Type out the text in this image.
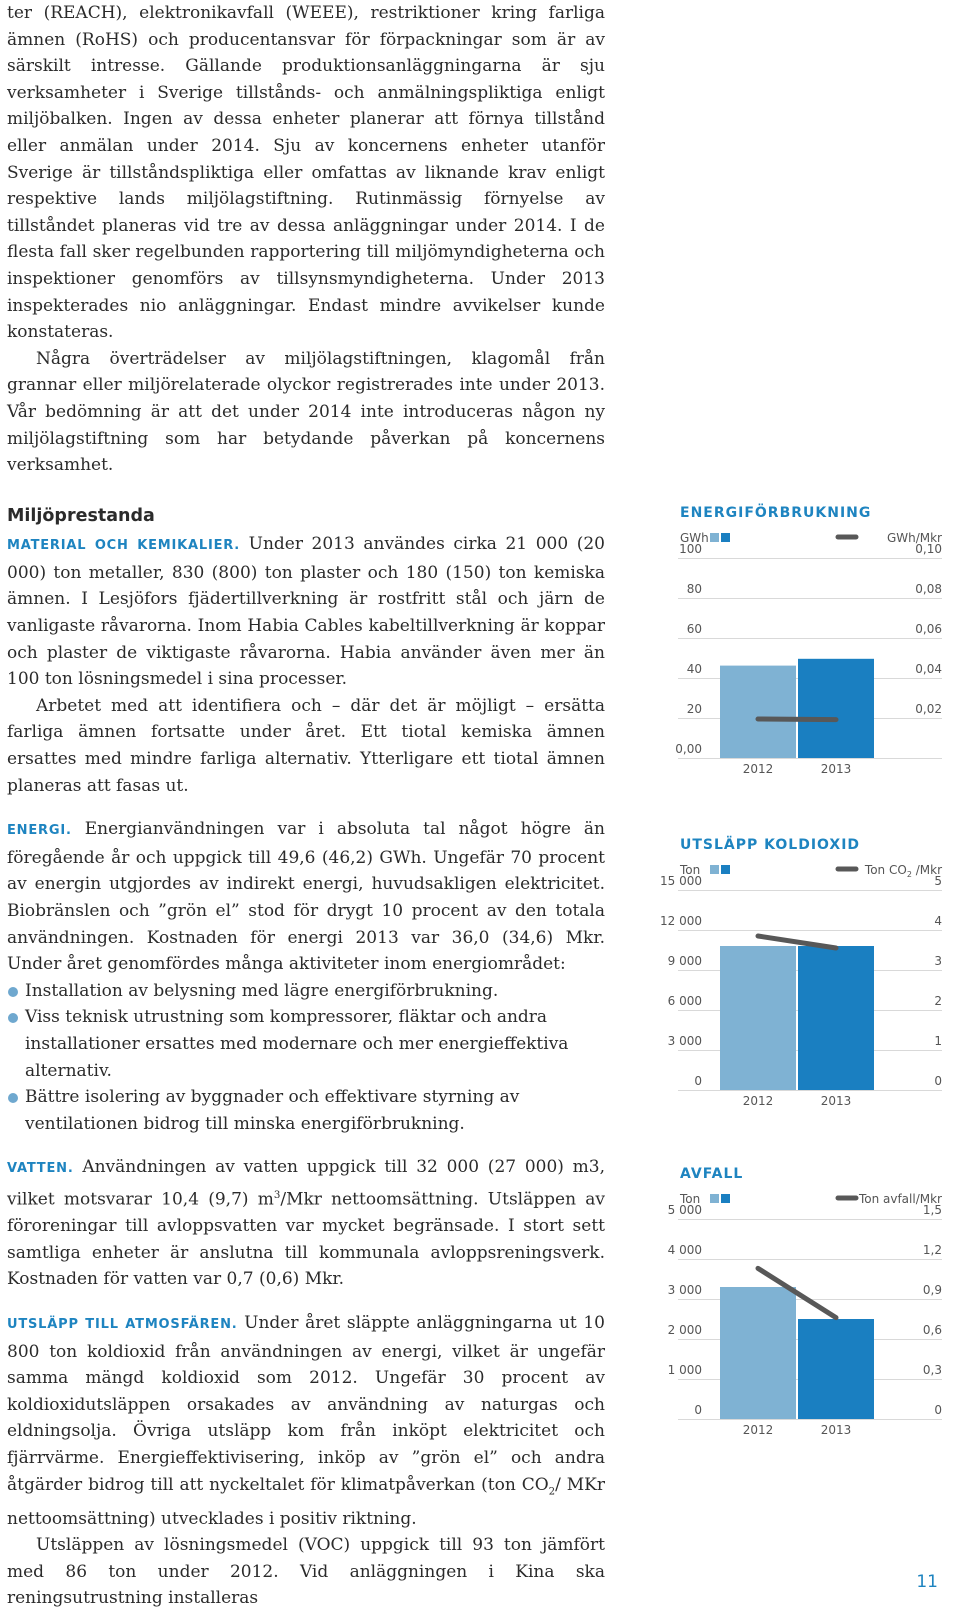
ter (REACH), elektronikavfall (WEEE), restriktioner kring farliga ämnen (RoHS) och producentansvar för förpackningar som är av särskilt intresse. Gällande produktionsanläggningarna är sju verksamheter i Sverige tillstånds- och anmälningspliktiga enligt miljöbalken. Ingen av dessa enheter planerar att förnya tillstånd eller anmälan under 2014. Sju av koncernens enheter utanför Sverige är tillståndspliktiga eller omfattas av liknande krav enligt respektive lands miljölagstiftning. Rutinmässig förnyelse av tillståndet planeras vid tre av dessa anläggningar under 2014. I de flesta fall sker regelbunden rapportering till miljömyndigheterna och inspektioner genomförs av tillsynsmyndigheterna. Under 2013 inspekterades nio anläggningar. Endast mindre avvikelser kunde konstateras.

Några överträdelser av miljölagstiftningen, klagomål från grannar eller miljörelaterade olyckor registrerades inte under 2013. Vår bedömning är att det under 2014 inte introduceras någon ny miljölagstiftning som har betydande påverkan på koncernens verksamhet.

Miljöprestanda

MATERIAL OCH KEMIKALIER. Under 2013 användes cirka 21 000 (20 000) ton metaller, 830 (800) ton plaster och 180 (150) ton kemiska ämnen. I Lesjöfors fjädertillverkning är rostfritt stål och järn de vanligaste råvarorna. Inom Habia Cables kabeltillverkning är koppar och plaster de viktigaste råvarorna. Habia använder även mer än 100 ton lösningsmedel i sina processer.

Arbetet med att identifiera och – där det är möjligt – ersätta farliga ämnen fortsatte under året. Ett tiotal kemiska ämnen ersattes med mindre farliga alternativ. Ytterligare ett tiotal ämnen planeras att fasas ut.

ENERGI. Energianvändningen var i absoluta tal något högre än föregående år och uppgick till 49,6 (46,2) GWh. Ungefär 70 procent av energin utgjordes av indirekt energi, huvudsakligen elektricitet. Biobränslen och ”grön el” stod för drygt 10 procent av den totala användningen. Kostnaden för energi 2013 var 36,0 (34,6) Mkr. Under året genomfördes många aktiviteter inom energiområdet:

Installation av belysning med lägre energiförbrukning.
Viss teknisk utrustning som kompressorer, fläktar och andra installationer ersattes med modernare och mer energieffektiva alternativ.
Bättre isolering av byggnader och effektivare styrning av ventilationen bidrog till minska energiförbrukning.

VATTEN. Användningen av vatten uppgick till 32 000 (27 000) m3, vilket motsvarar 10,4 (9,7) $m^3$/Mkr nettoomsättning. Utsläppen av föroreningar till avloppsvatten var mycket begränsade. I stort sett samtliga enheter är anslutna till kommunala avloppsreningsverk. Kostnaden för vatten var 0,7 (0,6) Mkr.

UTSLÄPP TILL ATMOSFÄREN. Under året släppte anläggningarna ut 10 800 ton koldioxid från användningen av energi, vilket är ungefär samma mängd koldioxid som 2012. Ungefär 30 procent av koldioxidutsläppen orsakades av användning av naturgas och eldningsolja. Övriga utsläpp kom från inköpt elektricitet och fjärrvärme. Energieffektivisering, inköp av ”grön el” och andra åtgärder bidrog till att nyckeltalet för klimatpåverkan (ton $CO_2/$ MKr nettoomsättning) utvecklades i positiv riktning.

Utsläppen av lösningsmedel (VOC) uppgick till 93 ton jämfört med 86 ton under 2012. Vid anläggningen i Kina ska reningsutrustning installeras

ENERGIFÖRBRUKNING
GWh	GWh/Mkr
0,00
20
40
60
80
100
0,02
0,04
0,06
0,08
0,10
2012	2013
UTSLÄPP KOLDIOXID
Ton	Ton $CO_2$ /Mkr
0
3 000
6 000
9 000
12 000
15 000
0
1
2
3
4
5
2012	2013
AVFALL
Ton	Ton avfall/Mkr
0
1 000
2 000
3 000
4 000
5 000
0
0,3
0,6
0,9
1,2
1,5
2012	2013
11
